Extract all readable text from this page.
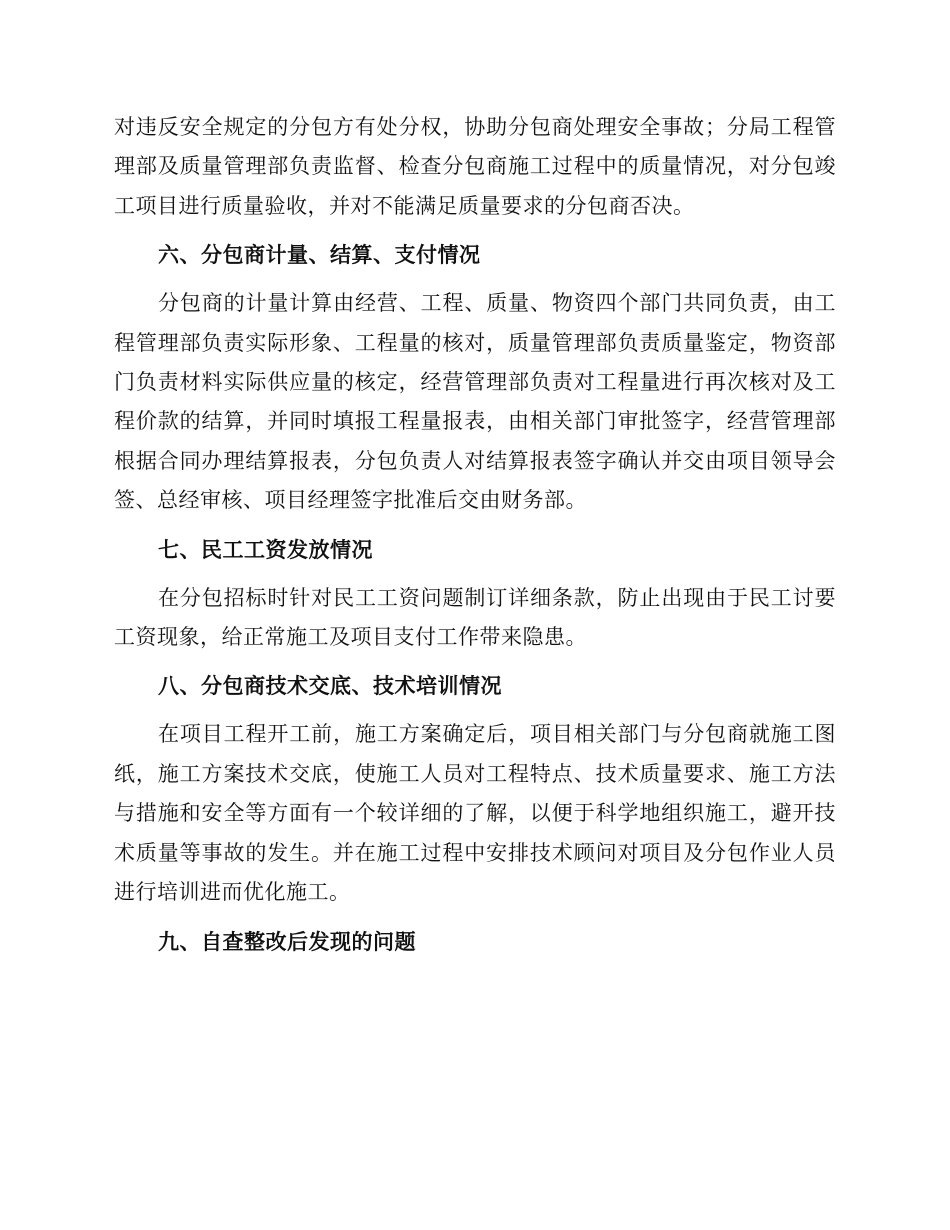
对违反安全规定的分包方有处分权，协助分包商处理安全事故；分局工程管理部及质量管理部负责监督、检查分包商施工过程中的质量情况，对分包竣工项目进行质量验收，并对不能满足质量要求的分包商否决。

六、分包商计量、结算、支付情况

分包商的计量计算由经营、工程、质量、物资四个部门共同负责，由工程管理部负责实际形象、工程量的核对，质量管理部负责质量鉴定，物资部门负责材料实际供应量的核定，经营管理部负责对工程量进行再次核对及工程价款的结算，并同时填报工程量报表，由相关部门审批签字，经营管理部根据合同办理结算报表，分包负责人对结算报表签字确认并交由项目领导会签、总经审核、项目经理签字批准后交由财务部。

七、民工工资发放情况

在分包招标时针对民工工资问题制订详细条款，防止出现由于民工讨要工资现象，给正常施工及项目支付工作带来隐患。

八、分包商技术交底、技术培训情况

在项目工程开工前，施工方案确定后，项目相关部门与分包商就施工图纸，施工方案技术交底，使施工人员对工程特点、技术质量要求、施工方法与措施和安全等方面有一个较详细的了解，以便于科学地组织施工，避开技术质量等事故的发生。并在施工过程中安排技术顾问对项目及分包作业人员进行培训进而优化施工。

九、自查整改后发现的问题
